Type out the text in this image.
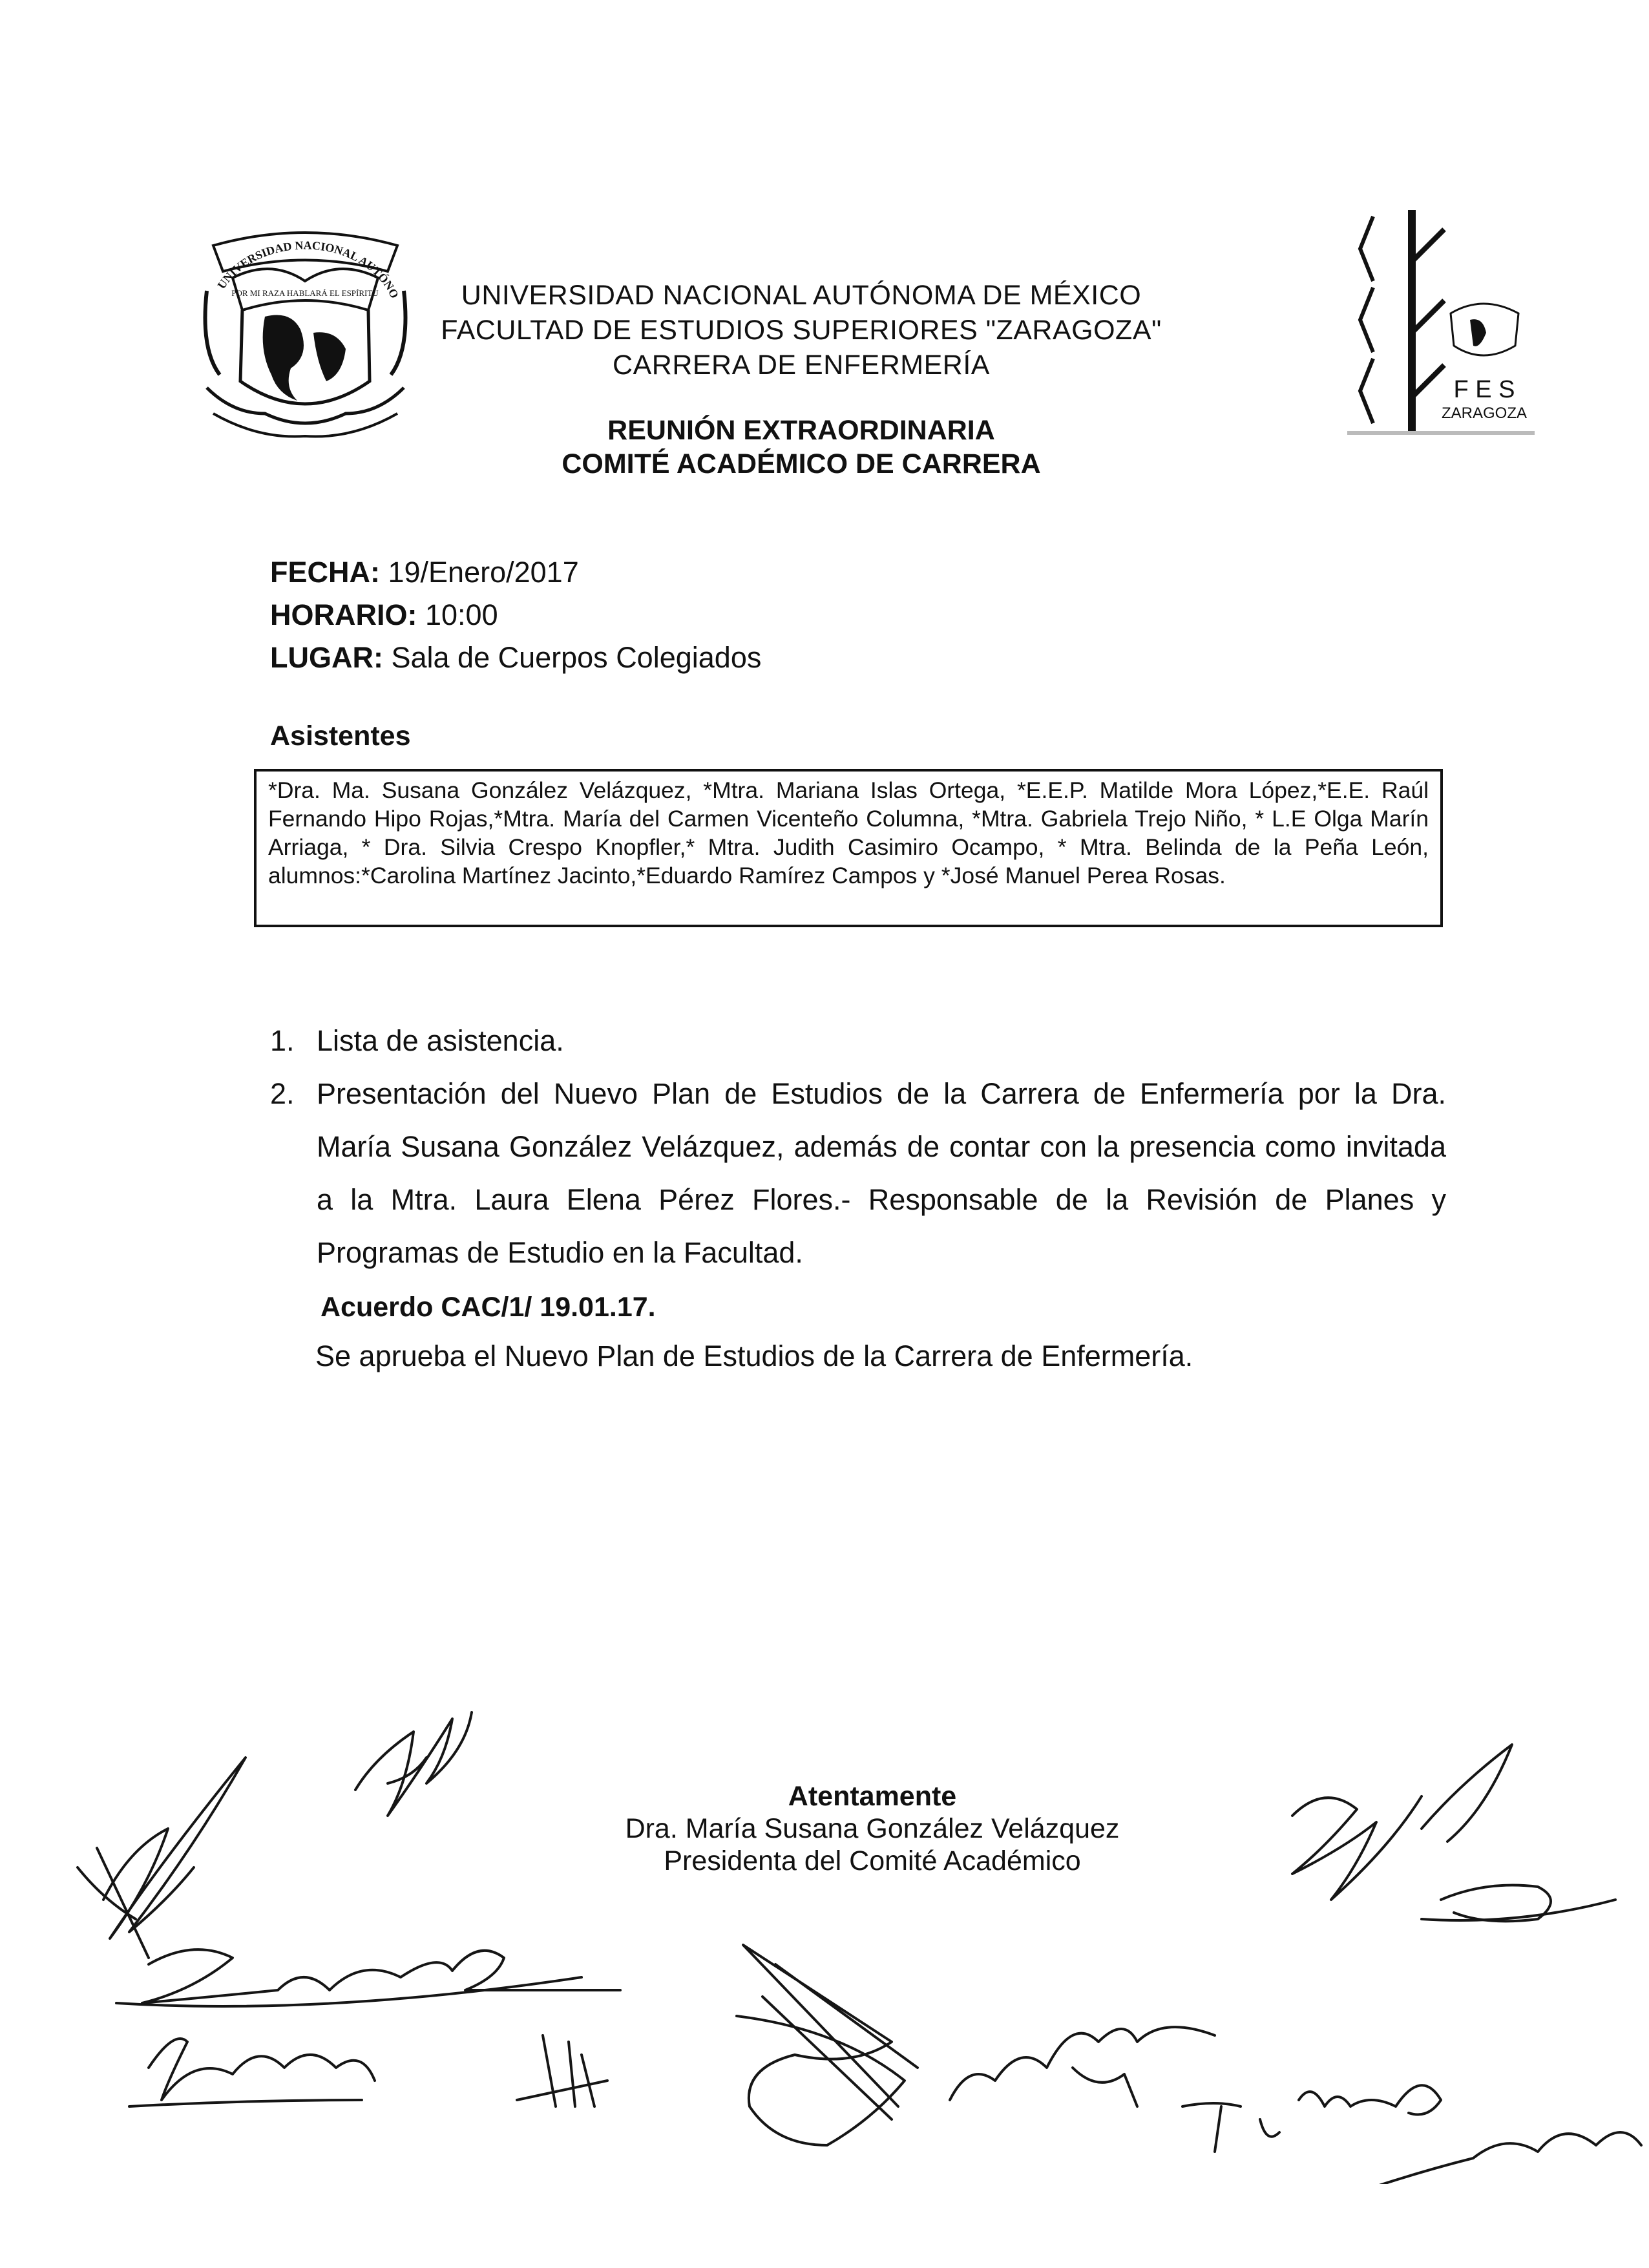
UNIVERSIDAD NACIONAL AUTÓNO
POR MI RAZA HABLARÁ EL ESPÍRITU	UNIVERSIDAD NACIONAL AUTÓNOMA DE MÉXICO
FACULTAD DE ESTUDIOS SUPERIORES "ZARAGOZA"
CARRERA DE ENFERMERÍA
REUNIÓN EXTRAORDINARIA
COMITÉ ACADÉMICO DE CARRERA
F E S
ZARAGOZA
FECHA: 19/Enero/2017
HORARIO: 10:00
LUGAR: Sala de Cuerpos Colegiados
Asistentes
*Dra. Ma. Susana González Velázquez, *Mtra. Mariana Islas Ortega, *E.E.P. Matilde Mora López,*E.E. Raúl Fernando Hipo Rojas,*Mtra. María del Carmen Vicenteño Columna, *Mtra. Gabriela Trejo Niño, * L.E Olga Marín Arriaga, * Dra. Silvia Crespo Knopfler,* Mtra. Judith Casimiro Ocampo, * Mtra. Belinda de la Peña León, alumnos:*Carolina Martínez Jacinto,*Eduardo Ramírez Campos y *José Manuel Perea Rosas.
1. Lista de asistencia.
2. Presentación del Nuevo Plan de Estudios de la Carrera de Enfermería por la Dra. María Susana González Velázquez, además de contar con la presencia como invitada a la Mtra. Laura Elena Pérez Flores.- Responsable de la Revisión de Planes y Programas de Estudio en la Facultad.
Acuerdo CAC/1/ 19.01.17.
Se aprueba el Nuevo Plan de Estudios de la Carrera de Enfermería.
Atentamente
Dra. María Susana González Velázquez
Presidenta del Comité Académico
